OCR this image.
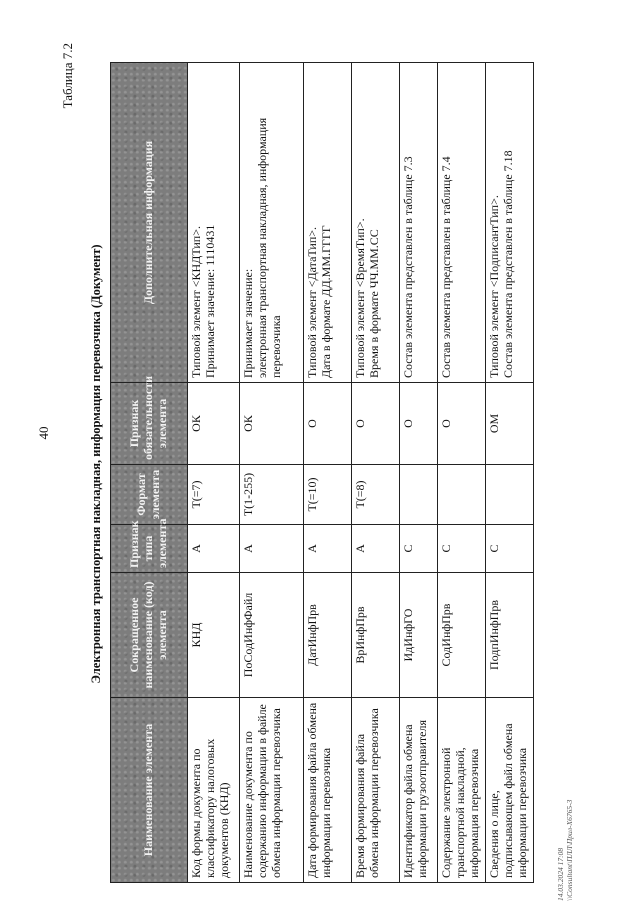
40
Таблица 7.2
Электронная транспортная накладная, информация перевозчика (Документ)
Наименование элемента	Сокращенное наименование (код) элемента	Признак типа элемента	Формат элемента	Признак обязательности элемента	Дополнительная информация
Код формы документа по классификатору налоговых документов (КНД)	КНД	А	Т(=7)	ОК	Типовой элемент <КНДТип>.
Принимает значение: 1110431
Наименование документа по содержанию информации в файле обмена информации перевозчика	ПоСодИнфФайл	А	Т(1-255)	ОК	Принимает значение:
электронная транспортная накладная, информация перевозчика
Дата формирования файла обмена информации перевозчика	ДатИнфПрв	А	Т(=10)	О	Типовой элемент <ДатаТип>.
Дата в формате ДД.ММ.ГГГГ
Время формирования файла обмена информации перевозчика	ВрИнфПрв	А	Т(=8)	О	Типовой элемент <ВремяТип>.
Время в формате ЧЧ.ММ.СС
Идентификатор файла обмена информации грузоотправителя	ИдИнфГО	С		О	Состав элемента представлен в таблице 7.3
Содержание электронной транспортной накладной, информация перевозчика	СодИнфПрв	С		О	Состав элемента представлен в таблице 7.4
Сведения о лице, подписывающем файл обмена информации перевозчика	ПодпИнфПрв	С		ОМ	Типовой элемент <ПодписантТип>.
Состав элемента представлен в таблице 7.18
14.03.2024 17:08 \\Consultant\ПЛЛ\Прил-X6765-3
